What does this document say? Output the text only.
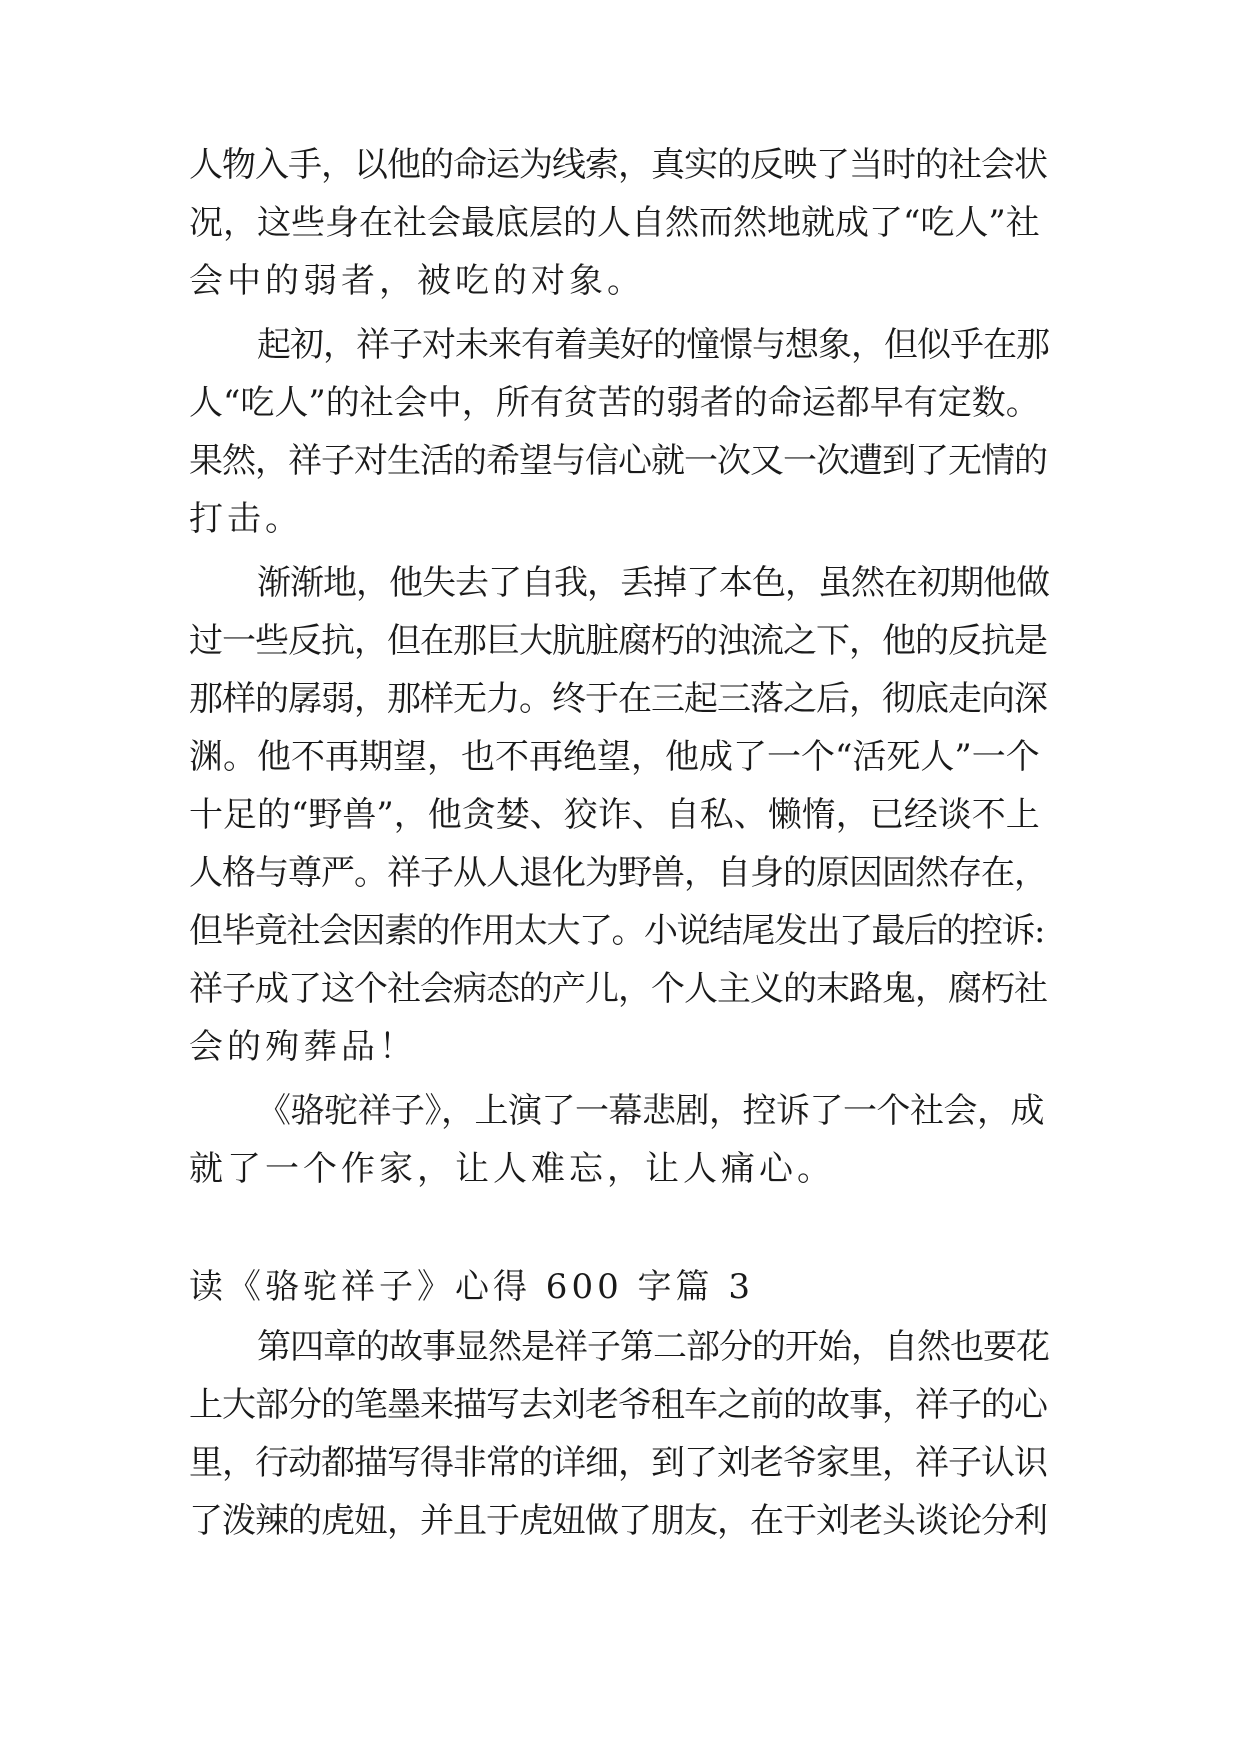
人物入手，以他的命运为线索，真实的反映了当时的社会状
况，这些身在社会最底层的人自然而然地就成了“吃人”社
会中的弱者，被吃的对象。
起初，祥子对未来有着美好的憧憬与想象，但似乎在那
人“吃人”的社会中，所有贫苦的弱者的命运都早有定数。
果然，祥子对生活的希望与信心就一次又一次遭到了无情的
打击。
渐渐地，他失去了自我，丢掉了本色，虽然在初期他做
过一些反抗，但在那巨大肮脏腐朽的浊流之下，他的反抗是
那样的孱弱，那样无力。终于在三起三落之后，彻底走向深
渊。他不再期望，也不再绝望，他成了一个“活死人”一个
十足的“野兽”，他贪婪、狡诈、自私、懒惰，已经谈不上
人格与尊严。祥子从人退化为野兽，自身的原因固然存在，
但毕竟社会因素的作用太大了。小说结尾发出了最后的控诉:
祥子成了这个社会病态的产儿，个人主义的末路鬼，腐朽社
会的殉葬品！
《骆驼祥子》，上演了一幕悲剧，控诉了一个社会，成
就了一个作家，让人难忘，让人痛心。
读《骆驼祥子》心得 600 字篇 3
第四章的故事显然是祥子第二部分的开始，自然也要花
上大部分的笔墨来描写去刘老爷租车之前的故事，祥子的心
里，行动都描写得非常的详细，到了刘老爷家里，祥子认识
了泼辣的虎妞，并且于虎妞做了朋友，在于刘老头谈论分利
